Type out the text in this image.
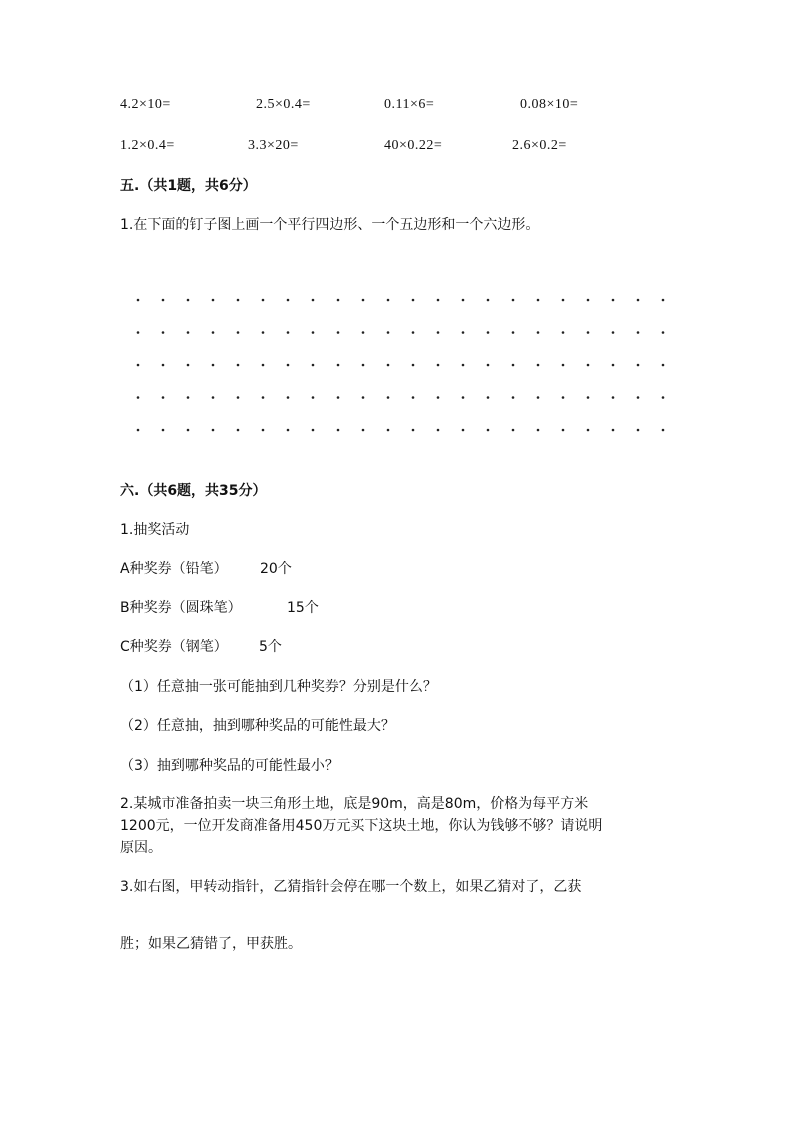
4.2×10=	2.5×0.4=	0.11×6=	0.08×10=
1.2×0.4=	3.3×20=	40×0.22=	2.6×0.2=
五.（共1题，共6分）
1.在下面的钉子图上画一个平行四边形、一个五边形和一个六边形。
六.（共6题，共35分）
1.抽奖活动
A种奖券（铅笔） 20个
B种奖券（圆珠笔）	15个
C种奖券（钢笔） 5个
（1）任意抽一张可能抽到几种奖券？分别是什么？
（2）任意抽，抽到哪种奖品的可能性最大？
（3）抽到哪种奖品的可能性最小？
2.某城市准备拍卖一块三角形土地，底是90m，高是80m，价格为每平方米
1200元，一位开发商准备用450万元买下这块土地，你认为钱够不够？请说明
原因。
3.如右图，甲转动指针，乙猜指针会停在哪一个数上，如果乙猜对了，乙获
胜；如果乙猜错了，甲获胜。
